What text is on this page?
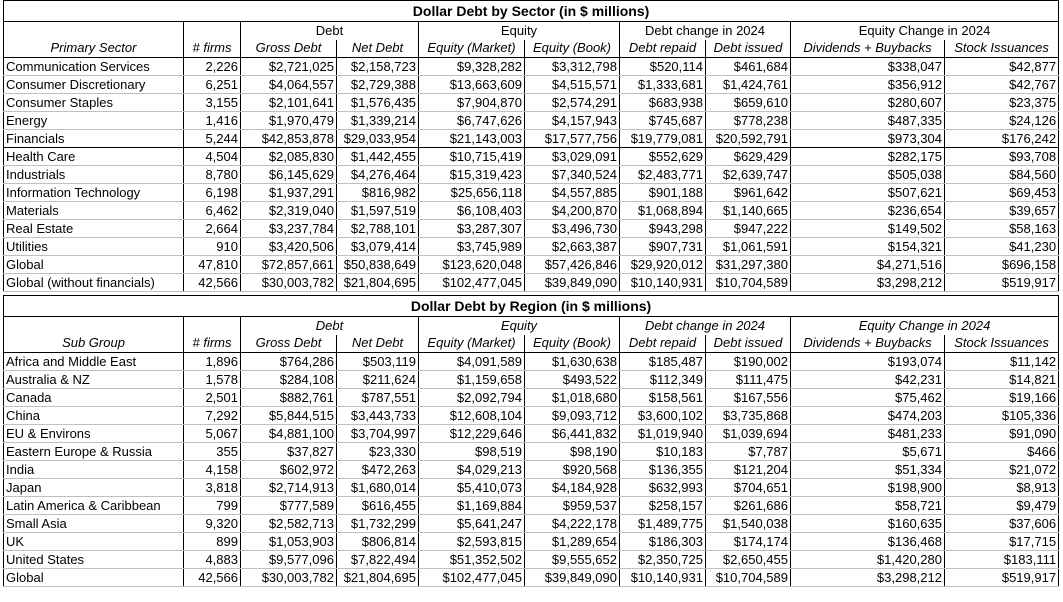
Dollar Debt by Sector (in $ millions)									
		Debt		Equity		Debt change in 2024		Equity Change in 2024	
Primary Sector	# firms	Gross Debt	Net Debt	Equity (Market)	Equity (Book)	Debt repaid	Debt issued	Dividends + Buybacks	Stock Issuances
Communication Services	2,226	$2,721,025	$2,158,723	$9,328,282	$3,312,798	$520,114	$461,684	$338,047	$42,877
Consumer Discretionary	6,251	$4,064,557	$2,729,388	$13,663,609	$4,515,571	$1,333,681	$1,424,761	$356,912	$42,767
Consumer Staples	3,155	$2,101,641	$1,576,435	$7,904,870	$2,574,291	$683,938	$659,610	$280,607	$23,375
Energy	1,416	$1,970,479	$1,339,214	$6,747,626	$4,157,943	$745,687	$778,238	$487,335	$24,126
Financials	5,244	$42,853,878	$29,033,954	$21,143,003	$17,577,756	$19,779,081	$20,592,791	$973,304	$176,242
Health Care	4,504	$2,085,830	$1,442,455	$10,715,419	$3,029,091	$552,629	$629,429	$282,175	$93,708
Industrials	8,780	$6,145,629	$4,276,464	$15,319,423	$7,340,524	$2,483,771	$2,639,747	$505,038	$84,560
Information Technology	6,198	$1,937,291	$816,982	$25,656,118	$4,557,885	$901,188	$961,642	$507,621	$69,453
Materials	6,462	$2,319,040	$1,597,519	$6,108,403	$4,200,870	$1,068,894	$1,140,665	$236,654	$39,657
Real Estate	2,664	$3,237,784	$2,788,101	$3,287,307	$3,496,730	$943,298	$947,222	$149,502	$58,163
Utilities	910	$3,420,506	$3,079,414	$3,745,989	$2,663,387	$907,731	$1,061,591	$154,321	$41,230
Global	47,810	$72,857,661	$50,838,649	$123,620,048	$57,426,846	$29,920,012	$31,297,380	$4,271,516	$696,158
Global (without financials)	42,566	$30,003,782	$21,804,695	$102,477,045	$39,849,090	$10,140,931	$10,704,589	$3,298,212	$519,917

Dollar Debt by Region (in $ millions)									
		Debt		Equity		Debt change in 2024		Equity Change in 2024	
Sub Group	# firms	Gross Debt	Net Debt	Equity (Market)	Equity (Book)	Debt repaid	Debt issued	Dividends + Buybacks	Stock Issuances
Africa and Middle East	1,896	$764,286	$503,119	$4,091,589	$1,630,638	$185,487	$190,002	$193,074	$11,142
Australia & NZ	1,578	$284,108	$211,624	$1,159,658	$493,522	$112,349	$111,475	$42,231	$14,821
Canada	2,501	$882,761	$787,551	$2,092,794	$1,018,680	$158,561	$167,556	$75,462	$19,166
China	7,292	$5,844,515	$3,443,733	$12,608,104	$9,093,712	$3,600,102	$3,735,868	$474,203	$105,336
EU & Environs	5,067	$4,881,100	$3,704,997	$12,229,646	$6,441,832	$1,019,940	$1,039,694	$481,233	$91,090
Eastern Europe & Russia	355	$37,827	$23,330	$98,519	$98,190	$10,183	$7,787	$5,671	$466
India	4,158	$602,972	$472,263	$4,029,213	$920,568	$136,355	$121,204	$51,334	$21,072
Japan	3,818	$2,714,913	$1,680,014	$5,410,073	$4,184,928	$632,993	$704,651	$198,900	$8,913
Latin America & Caribbean	799	$777,589	$616,455	$1,169,884	$959,537	$258,157	$261,686	$58,721	$9,479
Small Asia	9,320	$2,582,713	$1,732,299	$5,641,247	$4,222,178	$1,489,775	$1,540,038	$160,635	$37,606
UK	899	$1,053,903	$806,814	$2,593,815	$1,289,654	$186,303	$174,174	$136,468	$17,715
United States	4,883	$9,577,096	$7,822,494	$51,352,502	$9,555,652	$2,350,725	$2,650,455	$1,420,280	$183,111
Global	42,566	$30,003,782	$21,804,695	$102,477,045	$39,849,090	$10,140,931	$10,704,589	$3,298,212	$519,917
